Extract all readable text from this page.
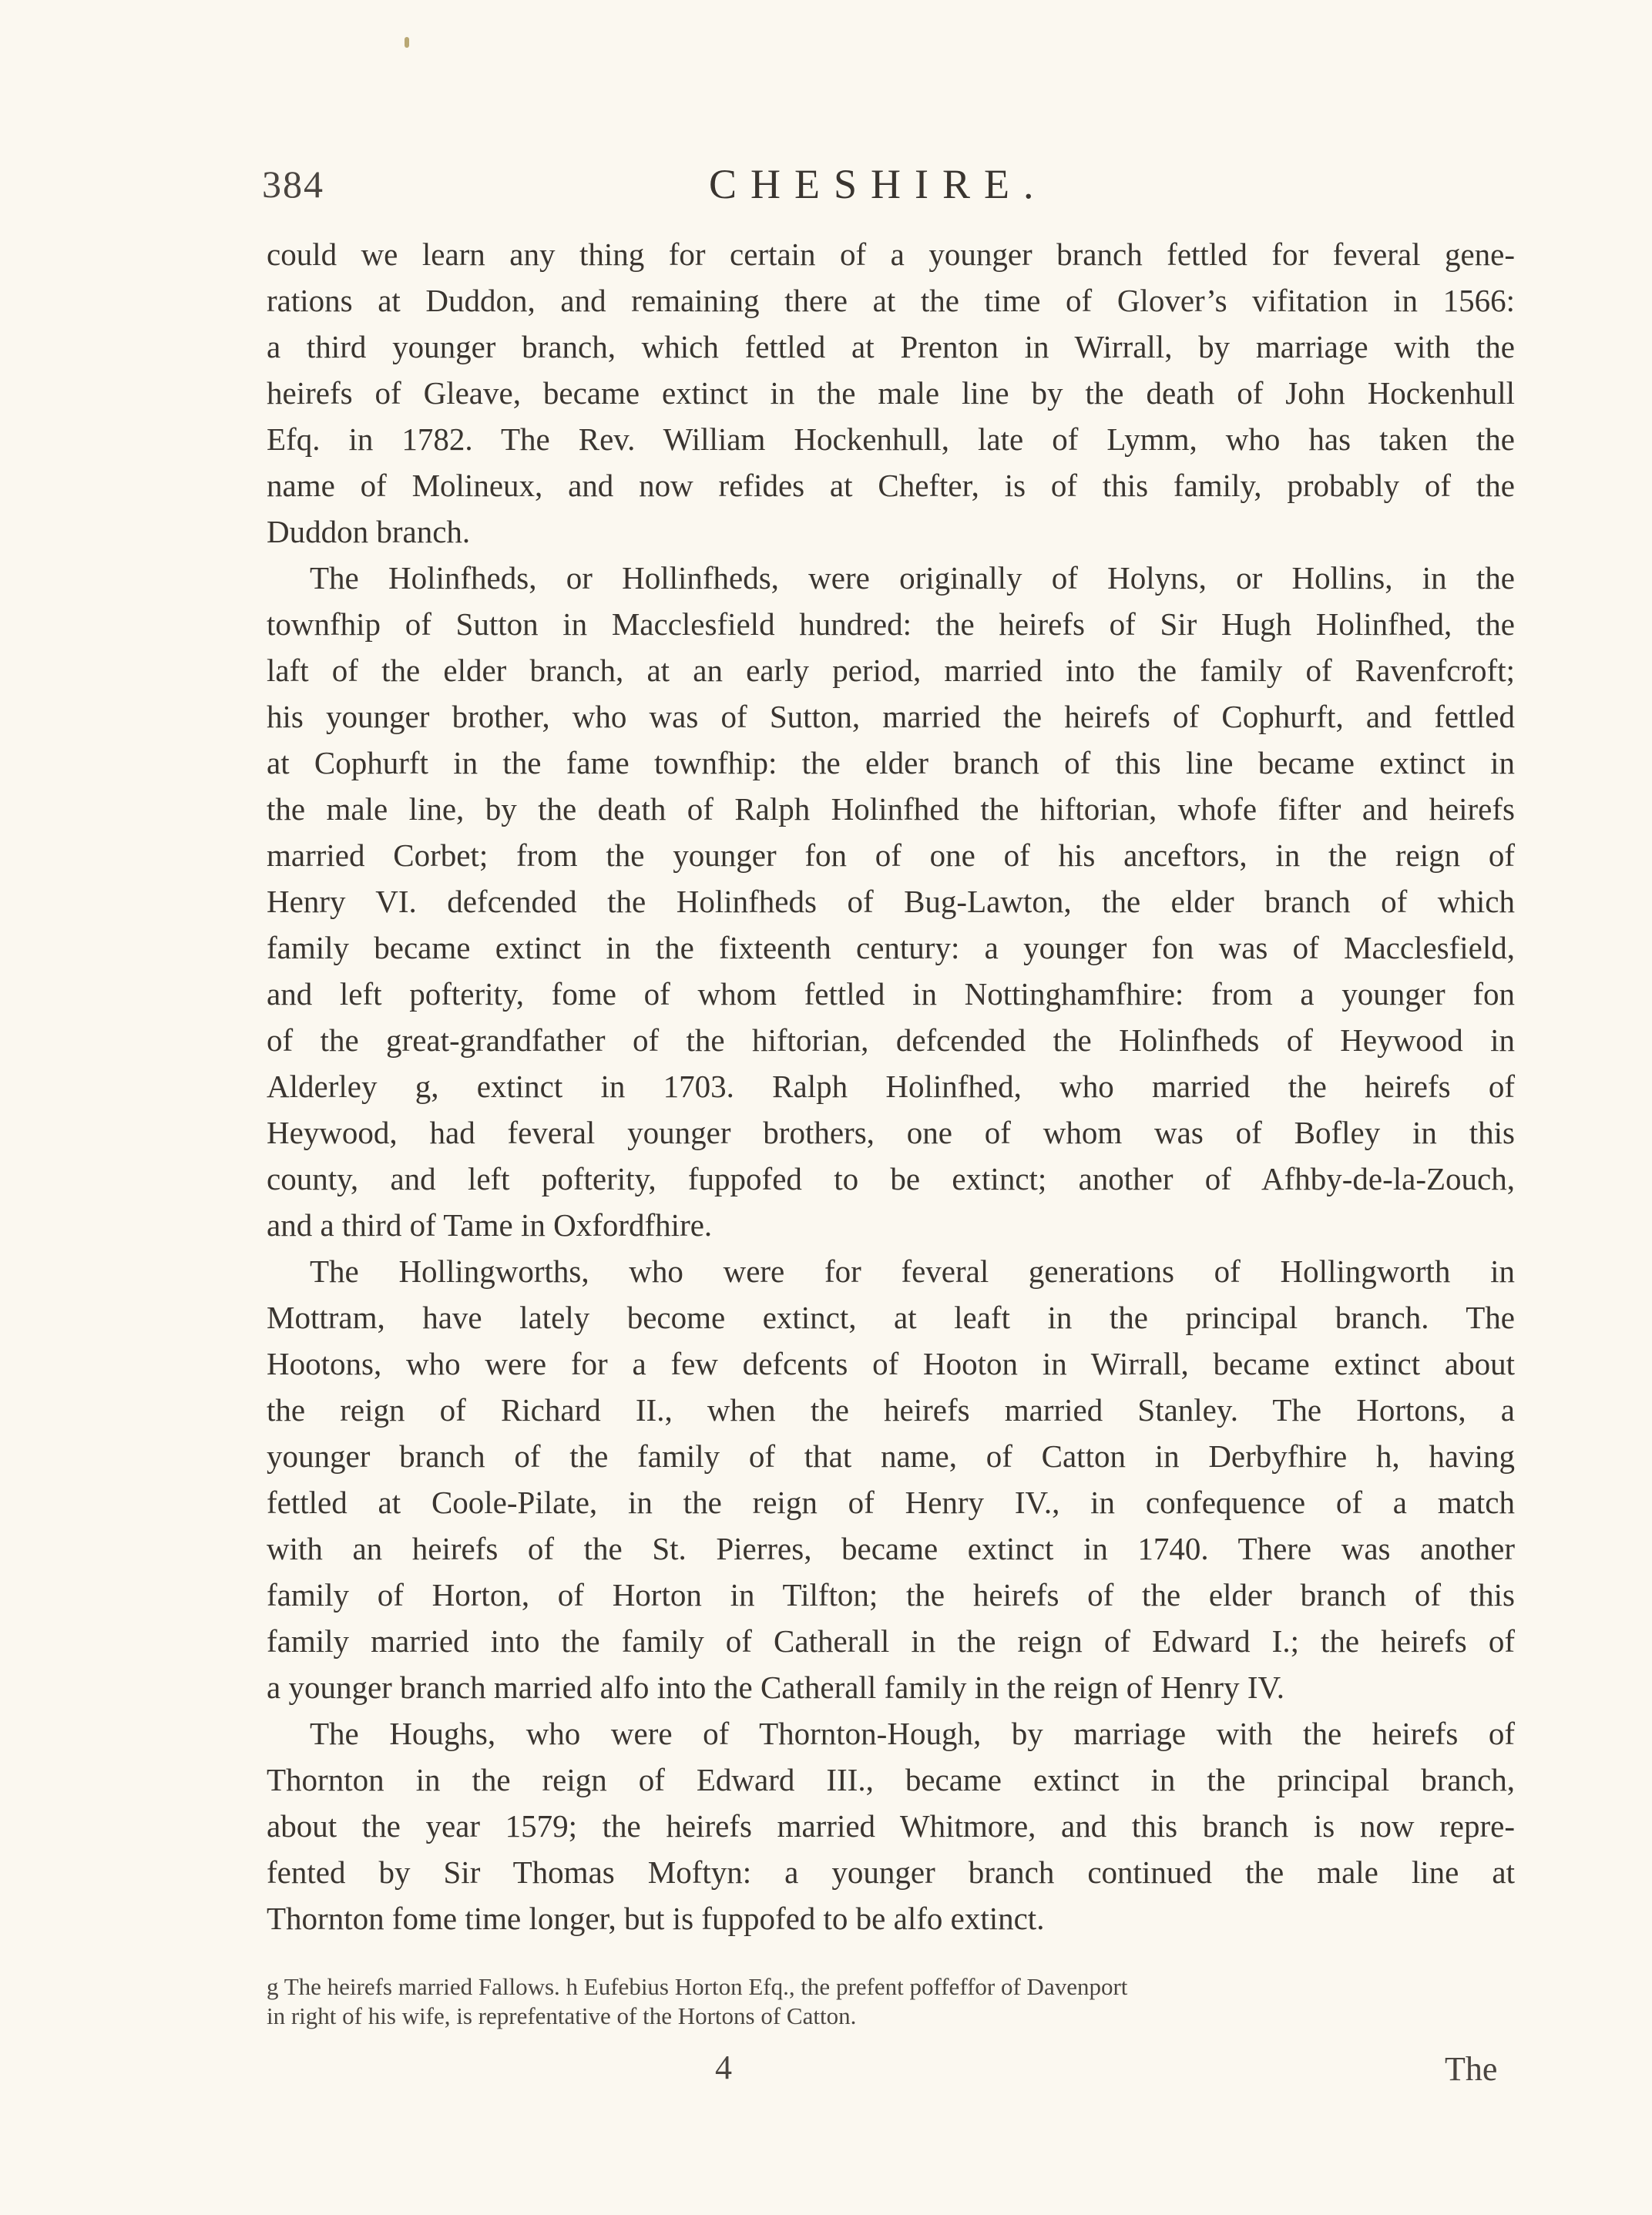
384	CHESHIRE.
could we learn any thing for certain of a younger branch fettled for feveral gene-
rations at Duddon, and remaining there at the time of Glover’s vifitation in 1566:
a third younger branch, which fettled at Prenton in Wirrall, by marriage with the
heirefs of Gleave, became extinct in the male line by the death of John Hockenhull
Efq. in 1782. The Rev. William Hockenhull, late of Lymm, who has taken the
name of Molineux, and now refides at Chefter, is of this family, probably of the
Duddon branch.
The Holinfheds, or Hollinfheds, were originally of Holyns, or Hollins, in the
townfhip of Sutton in Macclesfield hundred: the heirefs of Sir Hugh Holinfhed, the
laft of the elder branch, at an early period, married into the family of Ravenfcroft;
his younger brother, who was of Sutton, married the heirefs of Cophurft, and fettled
at Cophurft in the fame townfhip: the elder branch of this line became extinct in
the male line, by the death of Ralph Holinfhed the hiftorian, whofe fifter and heirefs
married Corbet; from the younger fon of one of his anceftors, in the reign of
Henry VI. defcended the Holinfheds of Bug-Lawton, the elder branch of which
family became extinct in the fixteenth century: a younger fon was of Macclesfield,
and left pofterity, fome of whom fettled in Nottinghamfhire: from a younger fon
of the great-grandfather of the hiftorian, defcended the Holinfheds of Heywood in
Alderley g, extinct in 1703. Ralph Holinfhed, who married the heirefs of
Heywood, had feveral younger brothers, one of whom was of Bofley in this
county, and left pofterity, fuppofed to be extinct; another of Afhby-de-la-Zouch,
and a third of Tame in Oxfordfhire.
The Hollingworths, who were for feveral generations of Hollingworth in
Mottram, have lately become extinct, at leaft in the principal branch. The
Hootons, who were for a few defcents of Hooton in Wirrall, became extinct about
the reign of Richard II., when the heirefs married Stanley. The Hortons, a
younger branch of the family of that name, of Catton in Derbyfhire h, having
fettled at Coole-Pilate, in the reign of Henry IV., in confequence of a match
with an heirefs of the St. Pierres, became extinct in 1740. There was another
family of Horton, of Horton in Tilfton; the heirefs of the elder branch of this
family married into the family of Catherall in the reign of Edward I.; the heirefs of
a younger branch married alfo into the Catherall family in the reign of Henry IV.
The Houghs, who were of Thornton-Hough, by marriage with the heirefs of
Thornton in the reign of Edward III., became extinct in the principal branch,
about the year 1579; the heirefs married Whitmore, and this branch is now repre-
fented by Sir Thomas Moftyn: a younger branch continued the male line at
Thornton fome time longer, but is fuppofed to be alfo extinct.
g The heirefs married Fallows. h Eufebius Horton Efq., the prefent poffeffor of Davenport
in right of his wife, is reprefentative of the Hortons of Catton.
4	The
